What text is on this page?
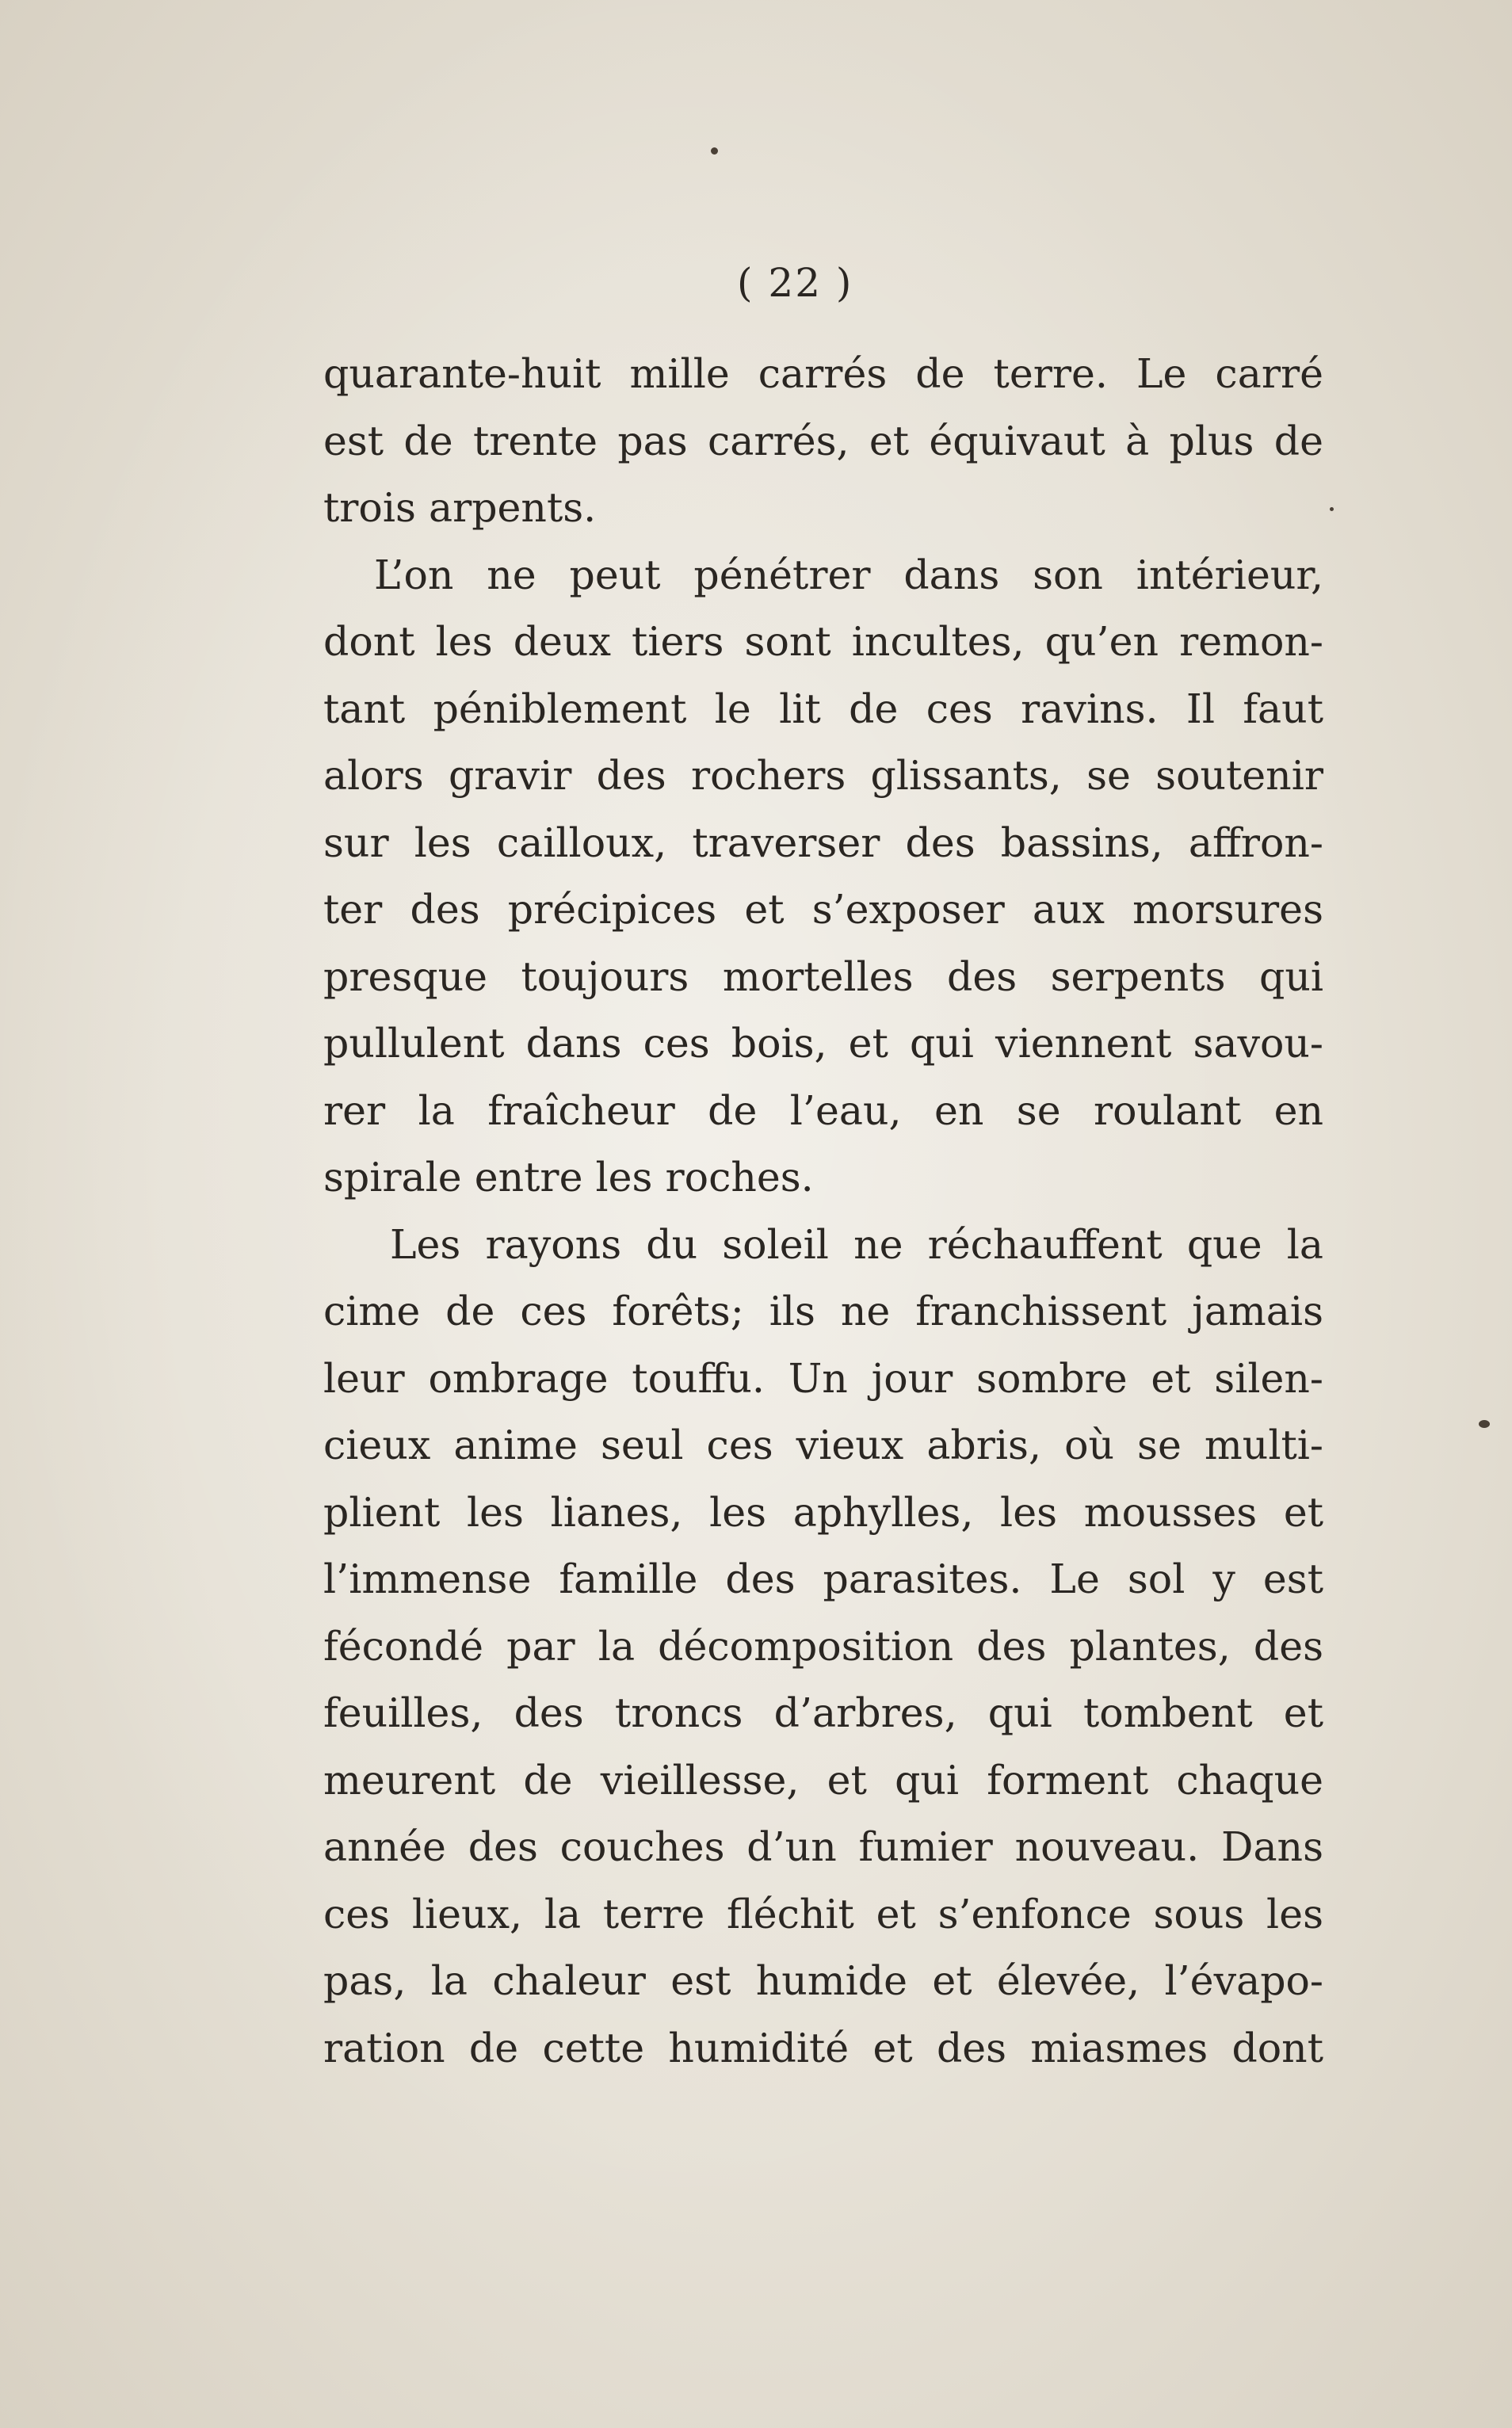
( 22 )
quarante-huit mille carrés de terre. Le carré
est de trente pas carrés, et équivaut à plus de
trois arpents.
L’on ne peut pénétrer dans son intérieur,
dont les deux tiers sont incultes, qu’en remon-
tant péniblement le lit de ces ravins. Il faut
alors gravir des rochers glissants, se soutenir
sur les cailloux, traverser des bassins, affron-
ter des précipices et s’exposer aux morsures
presque toujours mortelles des serpents qui
pullulent dans ces bois, et qui viennent savou-
rer la fraîcheur de l’eau, en se roulant en
spirale entre les roches.
Les rayons du soleil ne réchauffent que la
cime de ces forêts; ils ne franchissent jamais
leur ombrage touffu. Un jour sombre et silen-
cieux anime seul ces vieux abris, où se multi-
plient les lianes, les aphylles, les mousses et
l’immense famille des parasites. Le sol y est
fécondé par la décomposition des plantes, des
feuilles, des troncs d’arbres, qui tombent et
meurent de vieillesse, et qui forment chaque
année des couches d’un fumier nouveau. Dans
ces lieux, la terre fléchit et s’enfonce sous les
pas, la chaleur est humide et élevée, l’évapo-
ration de cette humidité et des miasmes dont
